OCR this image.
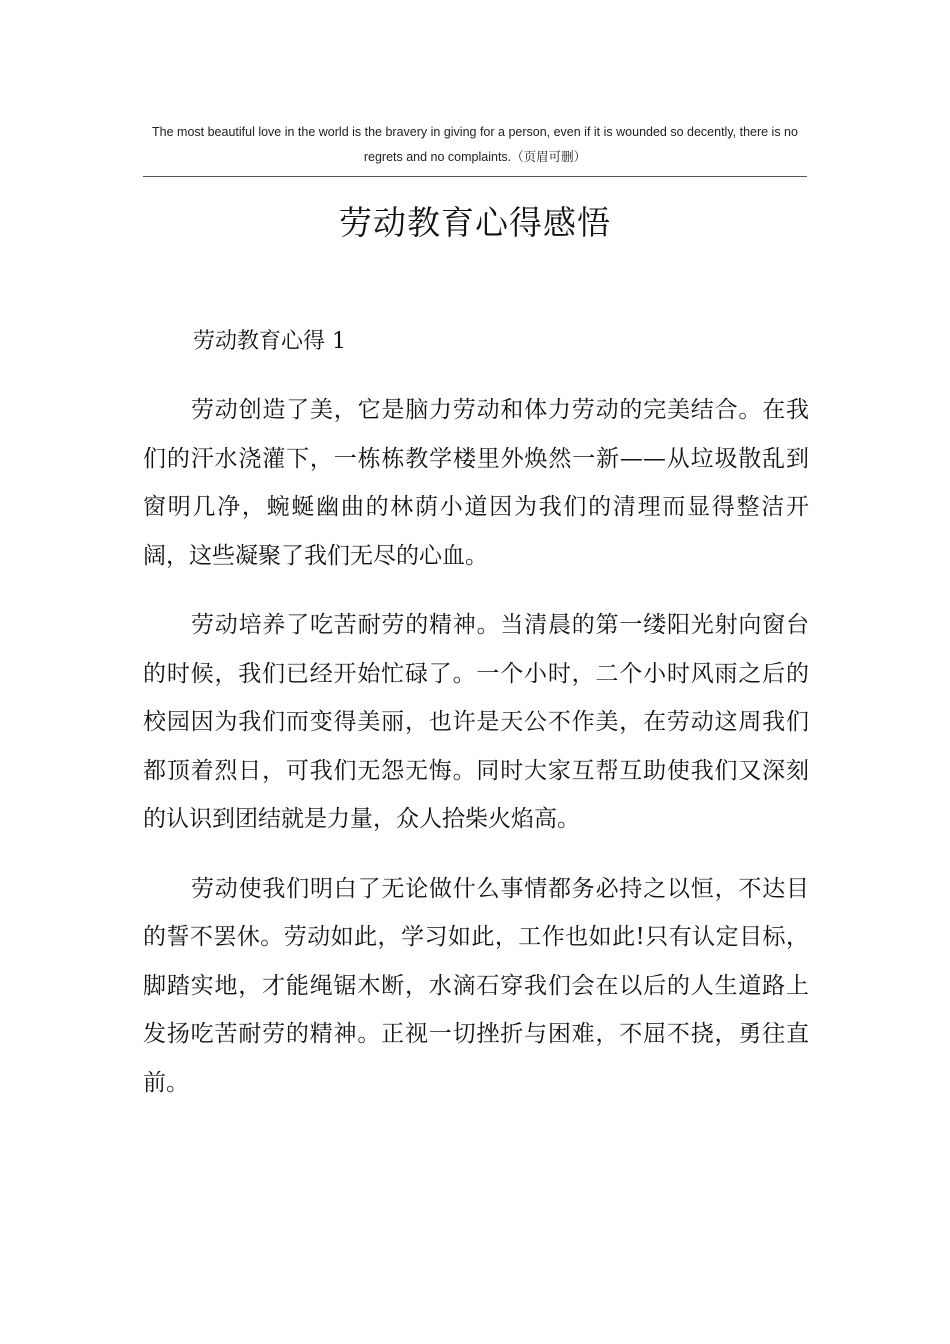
The most beautiful love in the world is the bravery in giving for a person, even if it is wounded so decently, there is no regrets and no complaints.（页眉可删）
劳动教育心得感悟
劳动教育心得 1

劳动创造了美，它是脑力劳动和体力劳动的完美结合。在我们的汗水浇灌下，一栋栋教学楼里外焕然一新——从垃圾散乱到窗明几净，蜿蜒幽曲的林荫小道因为我们的清理而显得整洁开阔，这些凝聚了我们无尽的心血。

劳动培养了吃苦耐劳的精神。当清晨的第一缕阳光射向窗台的时候，我们已经开始忙碌了。一个小时，二个小时风雨之后的校园因为我们而变得美丽，也许是天公不作美，在劳动这周我们都顶着烈日，可我们无怨无悔。同时大家互帮互助使我们又深刻的认识到团结就是力量，众人拾柴火焰高。

劳动使我们明白了无论做什么事情都务必持之以恒，不达目的誓不罢休。劳动如此，学习如此，工作也如此!只有认定目标，脚踏实地，才能绳锯木断，水滴石穿我们会在以后的人生道路上发扬吃苦耐劳的精神。正视一切挫折与困难，不屈不挠，勇往直前。
